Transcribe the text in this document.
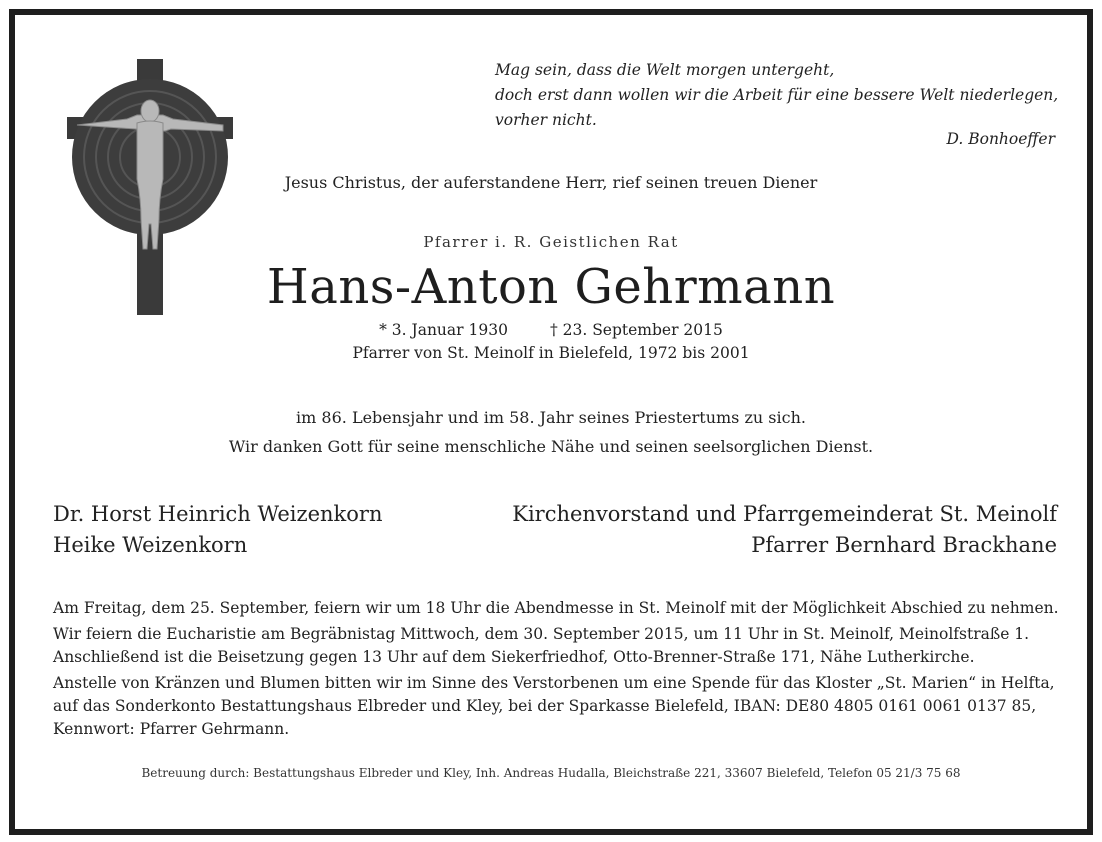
Mag sein, dass die Welt morgen untergeht,
doch erst dann wollen wir die Arbeit für eine bessere Welt niederlegen,
vorher nicht.
D. Bonhoeffer
Jesus Christus, der auferstandene Herr, rief seinen treuen Diener
Pfarrer i. R. Geistlichen Rat
Hans-Anton Gehrmann
* 3. Januar 1930	† 23. September 2015
Pfarrer von St. Meinolf in Bielefeld, 1972 bis 2001
im 86. Lebensjahr und im 58. Jahr seines Priestertums zu sich.
Wir danken Gott für seine menschliche Nähe und seinen seelsorglichen Dienst.
Dr. Horst Heinrich Weizenkorn
Heike Weizenkorn
Kirchenvorstand und Pfarrgemeinderat St. Meinolf
Pfarrer Bernhard Brackhane
Am Freitag, dem 25. September, feiern wir um 18 Uhr die Abendmesse in St. Meinolf mit der Möglichkeit Abschied zu nehmen.
Wir feiern die Eucharistie am Begräbnistag Mittwoch, dem 30. September 2015, um 11 Uhr in St. Meinolf, Meinolfstraße 1.
Anschließend ist die Beisetzung gegen 13 Uhr auf dem Siekerfriedhof, Otto-Brenner-Straße 171, Nähe Lutherkirche.
Anstelle von Kränzen und Blumen bitten wir im Sinne des Verstorbenen um eine Spende für das Kloster „St. Marien“ in Helfta,
auf das Sonderkonto Bestattungshaus Elbreder und Kley, bei der Sparkasse Bielefeld, IBAN: DE80 4805 0161 0061 0137 85,
Kennwort: Pfarrer Gehrmann.
Betreuung durch: Bestattungshaus Elbreder und Kley, Inh. Andreas Hudalla, Bleichstraße 221, 33607 Bielefeld, Telefon 05 21/3 75 68
